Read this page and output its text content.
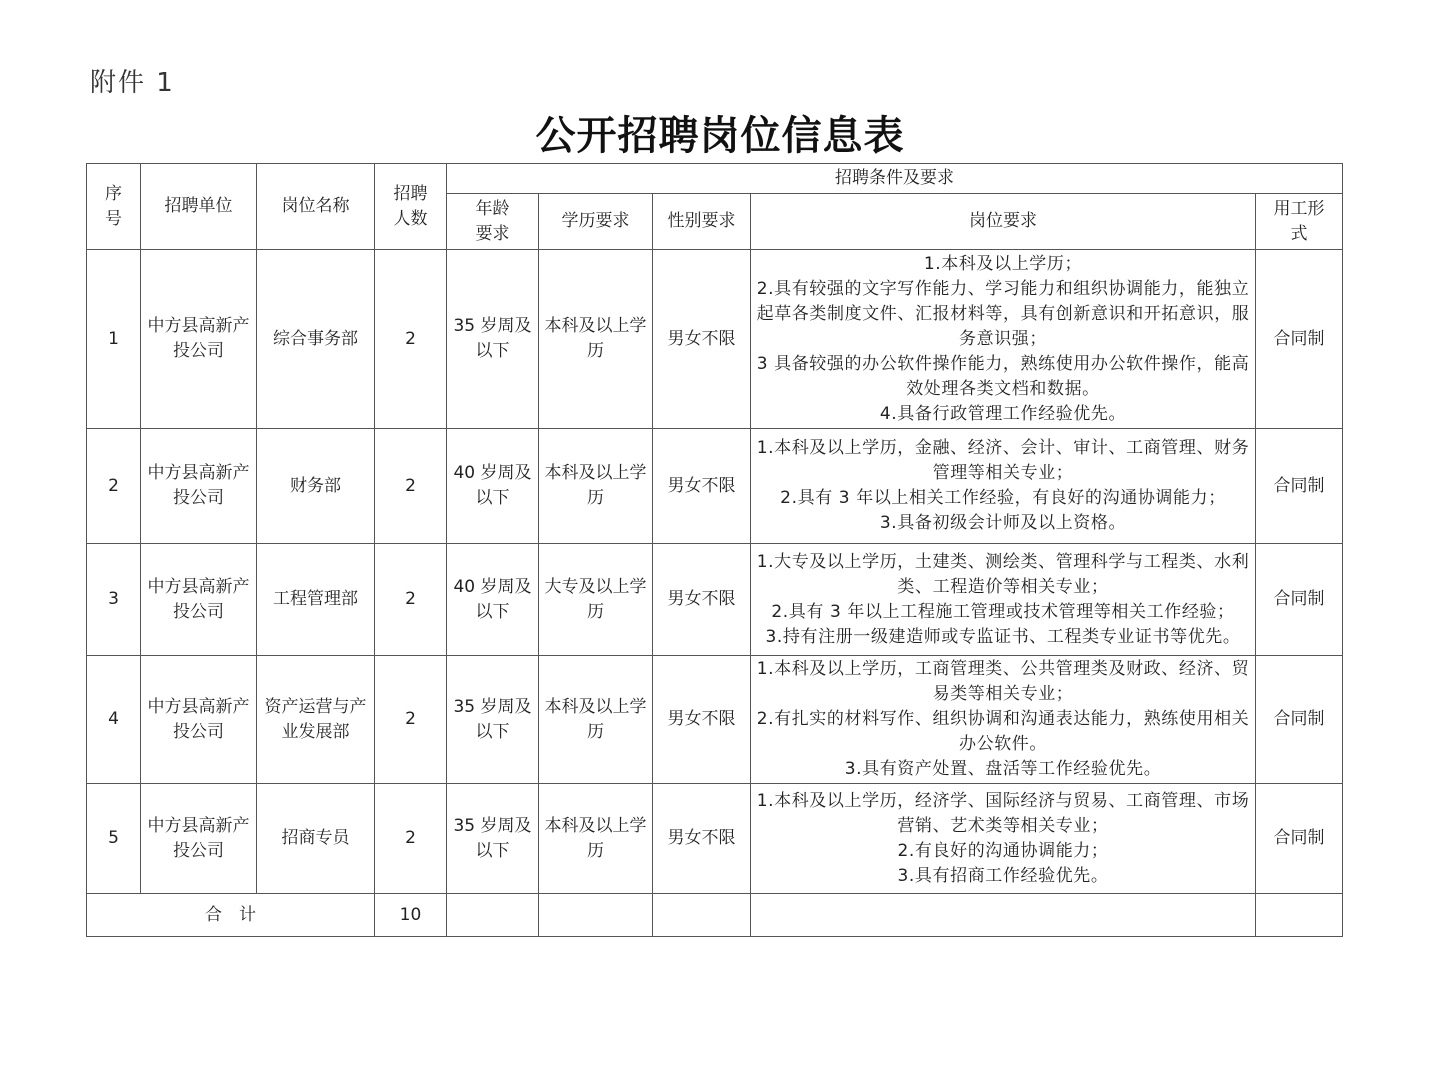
附件 1
公开招聘岗位信息表
序号	招聘单位	岗位名称	招聘人数	招聘条件及要求				
				年龄要求	学历要求	性别要求	岗位要求	用工形式
1	中方县高新产投公司	综合事务部	2	35 岁周及以下	本科及以上学历	男女不限	1.本科及以上学历；
2.具有较强的文字写作能力、学习能力和组织协调能力，能独立起草各类制度文件、汇报材料等，具有创新意识和开拓意识，服务意识强；
3 具备较强的办公软件操作能力，熟练使用办公软件操作，能高效处理各类文档和数据。
4.具备行政管理工作经验优先。	合同制
2	中方县高新产投公司	财务部	2	40 岁周及以下	本科及以上学历	男女不限	1.本科及以上学历，金融、经济、会计、审计、工商管理、财务管理等相关专业；
2.具有 3 年以上相关工作经验，有良好的沟通协调能力；
3.具备初级会计师及以上资格。	合同制
3	中方县高新产投公司	工程管理部	2	40 岁周及以下	大专及以上学历	男女不限	1.大专及以上学历，土建类、测绘类、管理科学与工程类、水利类、工程造价等相关专业；
2.具有 3 年以上工程施工管理或技术管理等相关工作经验；
3.持有注册一级建造师或专监证书、工程类专业证书等优先。	合同制
4	中方县高新产投公司	资产运营与产业发展部	2	35 岁周及以下	本科及以上学历	男女不限	1.本科及以上学历，工商管理类、公共管理类及财政、经济、贸易类等相关专业；
2.有扎实的材料写作、组织协调和沟通表达能力，熟练使用相关办公软件。
3.具有资产处置、盘活等工作经验优先。	合同制
5	中方县高新产投公司	招商专员	2	35 岁周及以下	本科及以上学历	男女不限	1.本科及以上学历，经济学、国际经济与贸易、工商管理、市场营销、艺术类等相关专业；
2.有良好的沟通协调能力；
3.具有招商工作经验优先。	合同制
合　计			10					
